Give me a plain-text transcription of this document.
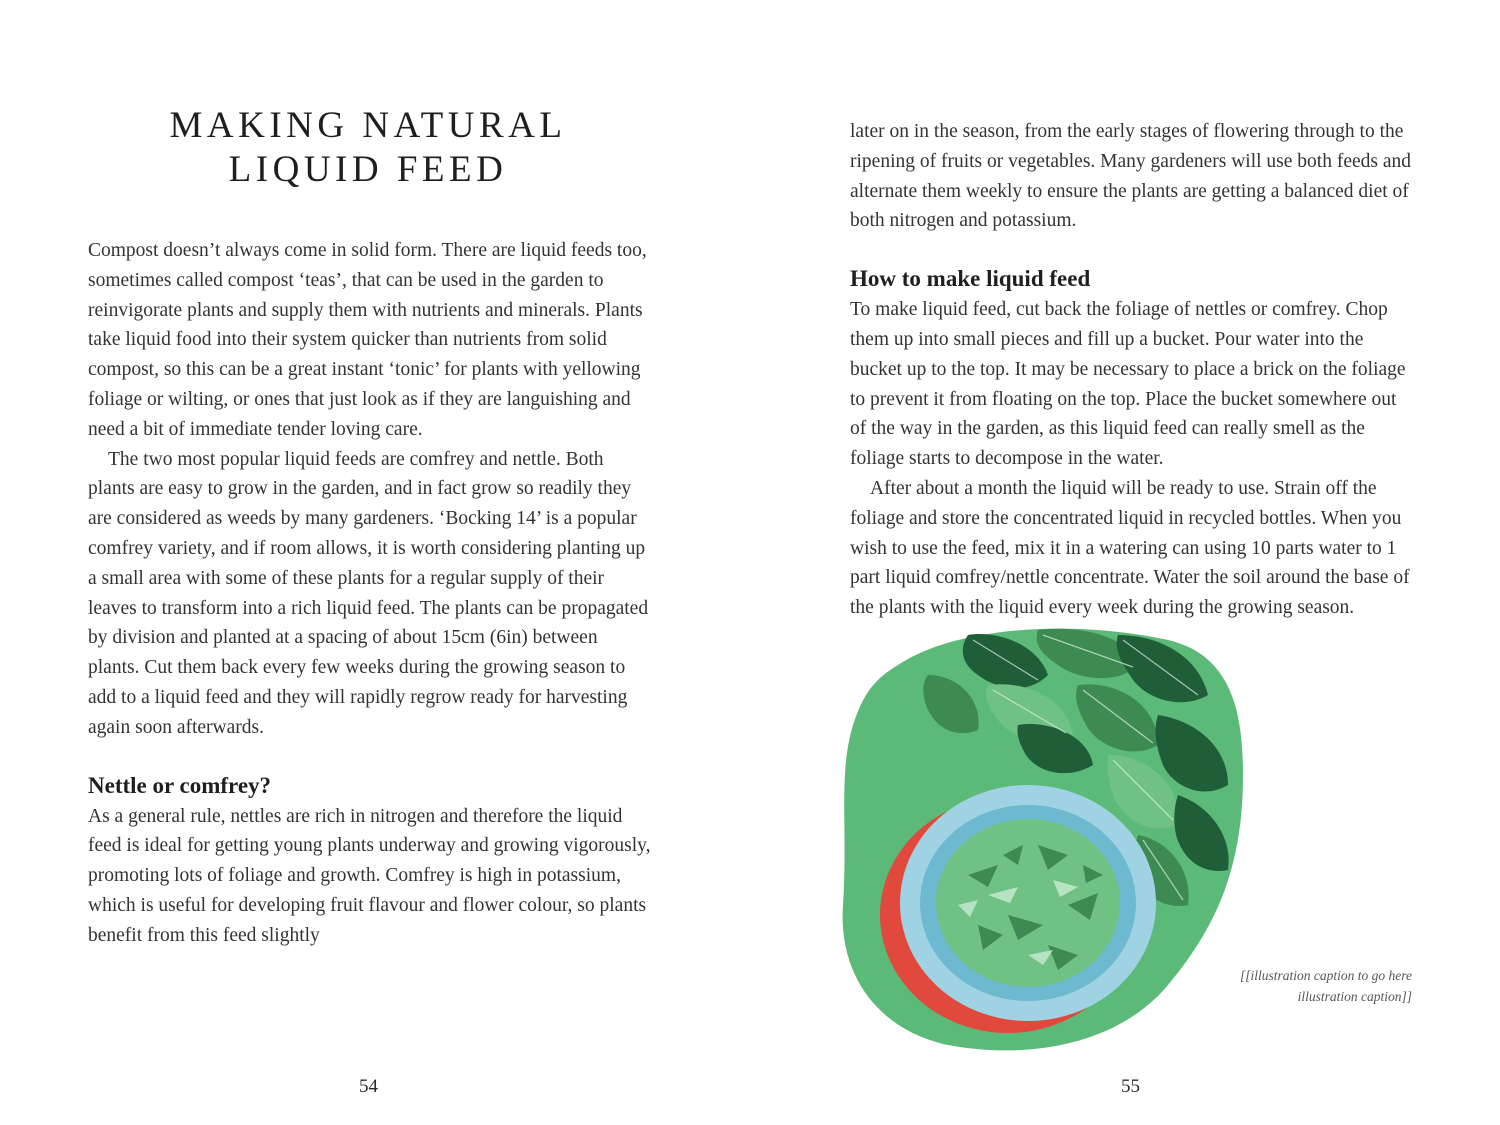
MAKING NATURAL
LIQUID FEED

Compost doesn’t always come in solid form. There are liquid feeds too, sometimes called compost ‘teas’, that can be used in the garden to reinvigorate plants and supply them with nutrients and minerals. Plants take liquid food into their system quicker than nutrients from solid compost, so this can be a great instant ‘tonic’ for plants with yellowing foliage or wilting, or ones that just look as if they are languishing and need a bit of immediate tender loving care.

The two most popular liquid feeds are comfrey and nettle. Both plants are easy to grow in the garden, and in fact grow so readily they are considered as weeds by many gardeners. ‘Bocking 14’ is a popular comfrey variety, and if room allows, it is worth considering planting up a small area with some of these plants for a regular supply of their leaves to transform into a rich liquid feed. The plants can be propagated by division and planted at a spacing of about 15cm (6in) between plants. Cut them back every few weeks during the growing season to add to a liquid feed and they will rapidly regrow ready for harvesting again soon afterwards.

Nettle or comfrey?

As a general rule, nettles are rich in nitrogen and therefore the liquid feed is ideal for getting young plants underway and growing vigorously, promoting lots of foliage and growth. Comfrey is high in potassium, which is useful for developing fruit flavour and flower colour, so plants benefit from this feed slightly

54

later on in the season, from the early stages of flowering through to the ripening of fruits or vegetables. Many gardeners will use both feeds and alternate them weekly to ensure the plants are getting a balanced diet of both nitrogen and potassium.

How to make liquid feed

To make liquid feed, cut back the foliage of nettles or comfrey. Chop them up into small pieces and fill up a bucket. Pour water into the bucket up to the top. It may be necessary to place a brick on the foliage to prevent it from floating on the top. Place the bucket somewhere out of the way in the garden, as this liquid feed can really smell as the foliage starts to decompose in the water.

After about a month the liquid will be ready to use. Strain off the foliage and store the concentrated liquid in recycled bottles. When you wish to use the feed, mix it in a watering can using 10 parts water to 1 part liquid comfrey/nettle concentrate. Water the soil around the base of the plants with the liquid every week during the growing season.

[[illustration caption to go here illustration caption]]
55
